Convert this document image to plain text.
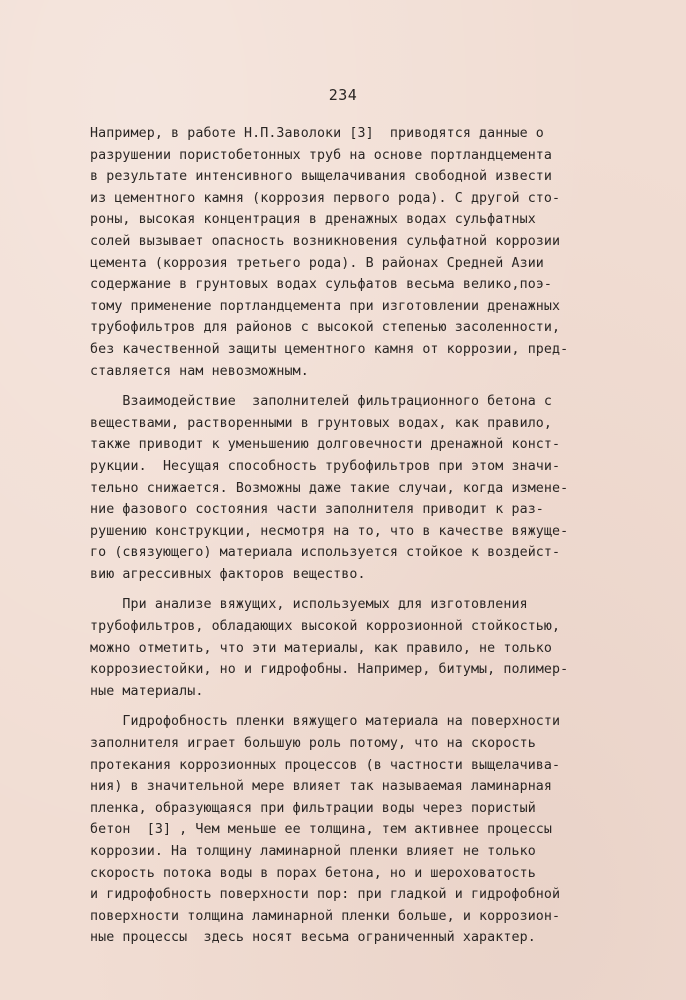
234
Например, в работе Н.П.Заволоки [3]  приводятся данные о
разрушении пористобетонных труб на основе портландцемента
в результате интенсивного выщелачивания свободной извести
из цементного камня (коррозия первого рода). С другой сто-
роны, высокая концентрация в дренажных водах сульфатных
солей вызывает опасность возникновения сульфатной коррозии
цемента (коррозия третьего рода). В районах Средней Азии
содержание в грунтовых водах сульфатов весьма велико,поэ-
тому применение портландцемента при изготовлении дренажных
трубофильтров для районов с высокой степенью засоленности,
без качественной защиты цементного камня от коррозии, пред-
ставляется нам невозможным.
Взаимодействие  заполнителей фильтрационного бетона с
веществами, растворенными в грунтовых водах, как правило,
также приводит к уменьшению долговечности дренажной конст-
рукции.  Несущая способность трубофильтров при этом значи-
тельно снижается. Возможны даже такие случаи, когда измене-
ние фазового состояния части заполнителя приводит к раз-
рушению конструкции, несмотря на то, что в качестве вяжуще-
го (связующего) материала используется стойкое к воздейст-
вию агрессивных факторов вещество.
При анализе вяжущих, используемых для изготовления
трубофильтров, обладающих высокой коррозионной стойкостью,
можно отметить, что эти материалы, как правило, не только
коррозиестойки, но и гидрофобны. Например, битумы, полимер-
ные материалы.
Гидрофобность пленки вяжущего материала на поверхности
заполнителя играет большую роль потому, что на скорость
протекания коррозионных процессов (в частности выщелачива-
ния) в значительной мере влияет так называемая ламинарная
пленка, образующаяся при фильтрации воды через пористый
бетон  [3] , Чем меньше ее толщина, тем активнее процессы
коррозии. На толщину ламинарной пленки влияет не только
скорость потока воды в порах бетона, но и шероховатость
и гидрофобность поверхности пор: при гладкой и гидрофобной
поверхности толщина ламинарной пленки больше, и коррозион-
ные процессы  здесь носят весьма ограниченный характер.
